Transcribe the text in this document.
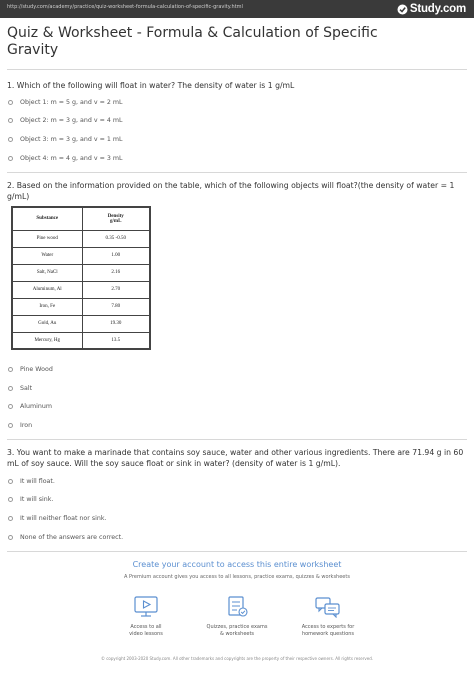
http://study.com/academy/practice/quiz-worksheet-formula-calculation-of-specific-gravity.html	Study.com
Quiz & Worksheet - Formula & Calculation of Specific Gravity
1. Which of the following will float in water? The density of water is 1 g/mL
Object 1: m = 5 g, and v = 2 mL
Object 2: m = 3 g, and v = 4 mL
Object 3: m = 3 g, and v = 1 mL
Object 4: m = 4 g, and v = 3 mL
2. Based on the information provided on the table, which of the following objects will float?(the density of water = 1 g/mL)
Substance	Density
g/mL
Pine wood	0.35 -0.50
Water	1.00
Salt, NaCl	2.16
Aluminum, Al	2.70
Iron, Fe	7.80
Gold, Au	19.30
Mercury, Hg	13.5
Pine Wood
Salt
Aluminum
Iron
3. You want to make a marinade that contains soy sauce, water and other various ingredients. There are 71.94 g in 60 mL of soy sauce. Will the soy sauce float or sink in water? (density of water is 1 g/mL).
It will float.
It will sink.
It will neither float nor sink.
None of the answers are correct.
Create your account to access this entire worksheet
A Premium account gives you access to all lessons, practice exams, quizzes & worksheets
Access to all
video lessons
Quizzes, practice exams
& worksheets
Access to experts for
homework questions
© copyright 2003-2020 Study.com. All other trademarks and copyrights are the property of their respective owners. All rights reserved.
